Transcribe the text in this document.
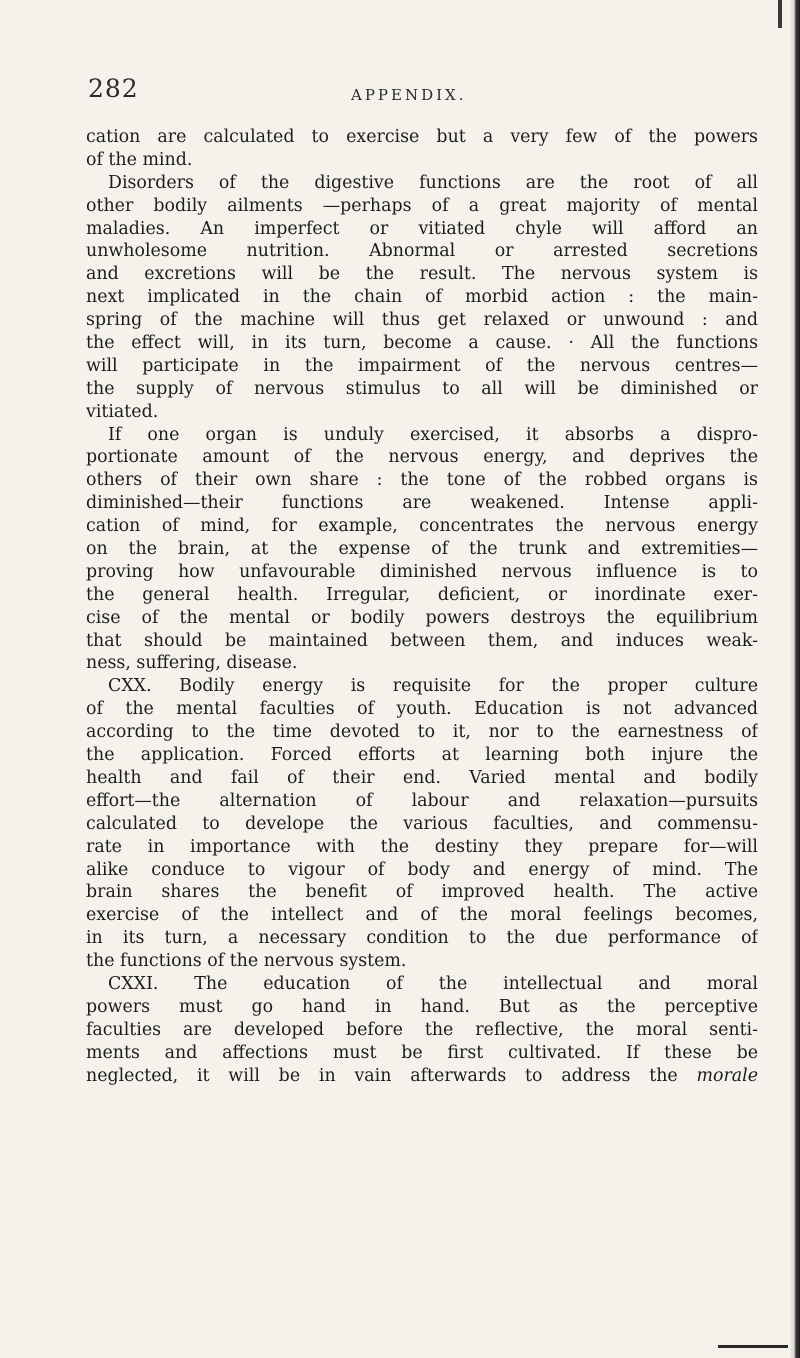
282	APPENDIX.
cation are calculated to exercise but a very few of the powers
of the mind.
Disorders of the digestive functions are the root of all
other bodily ailments —perhaps of a great majority of mental
maladies. An imperfect or vitiated chyle will afford an
unwholesome nutrition. Abnormal or arrested secretions
and excretions will be the result. The nervous system is
next implicated in the chain of morbid action : the main-
spring of the machine will thus get relaxed or unwound : and
the effect will, in its turn, become a cause. · All the functions
will participate in the impairment of the nervous centres—
the supply of nervous stimulus to all will be diminished or
vitiated.
If one organ is unduly exercised, it absorbs a dispro-
portionate amount of the nervous energy, and deprives the
others of their own share : the tone of the robbed organs is
diminished—their functions are weakened. Intense appli-
cation of mind, for example, concentrates the nervous energy
on the brain, at the expense of the trunk and extremities—
proving how unfavourable diminished nervous influence is to
the general health. Irregular, deficient, or inordinate exer-
cise of the mental or bodily powers destroys the equilibrium
that should be maintained between them, and induces weak-
ness, suffering, disease.
CXX. Bodily energy is requisite for the proper culture
of the mental faculties of youth. Education is not advanced
according to the time devoted to it, nor to the earnestness of
the application. Forced efforts at learning both injure the
health and fail of their end. Varied mental and bodily
effort—the alternation of labour and relaxation—pursuits
calculated to develope the various faculties, and commensu-
rate in importance with the destiny they prepare for—will
alike conduce to vigour of body and energy of mind. The
brain shares the benefit of improved health. The active
exercise of the intellect and of the moral feelings becomes,
in its turn, a necessary condition to the due performance of
the functions of the nervous system.
CXXI. The education of the intellectual and moral
powers must go hand in hand. But as the perceptive
faculties are developed before the reflective, the moral senti-
ments and affections must be first cultivated. If these be
neglected, it will be in vain afterwards to address the morale
